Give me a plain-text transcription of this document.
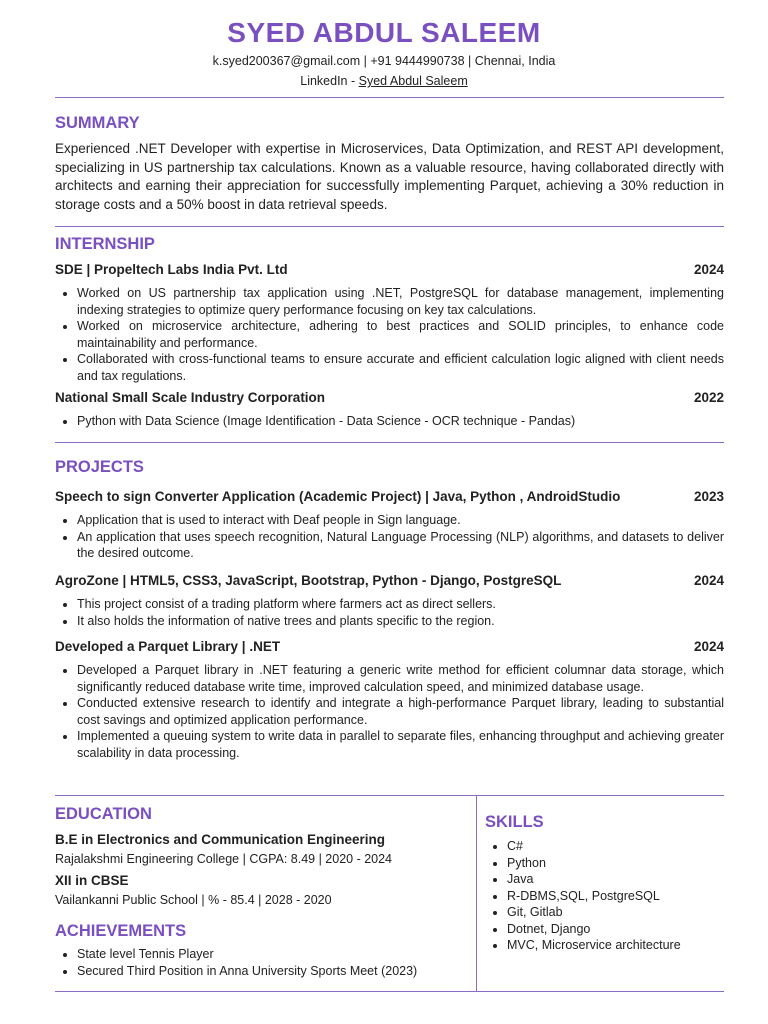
SYED ABDUL SALEEM
k.syed200367@gmail.com | +91 9444990738 | Chennai, India
LinkedIn - Syed Abdul Saleem
SUMMARY

Experienced .NET Developer with expertise in Microservices, Data Optimization, and REST API development, specializing in US partnership tax calculations. Known as a valuable resource, having collaborated directly with architects and earning their appreciation for successfully implementing Parquet, achieving a 30% reduction in storage costs and a 50% boost in data retrieval speeds.

INTERNSHIP
SDE | Propeltech Labs India Pvt. Ltd	2024
• Worked on US partnership tax application using .NET, PostgreSQL for database management, implementing indexing strategies to optimize query performance focusing on key tax calculations.
• Worked on microservice architecture, adhering to best practices and SOLID principles, to enhance code maintainability and performance.
• Collaborated with cross-functional teams to ensure accurate and efficient calculation logic aligned with client needs and tax regulations.
National Small Scale Industry Corporation	2022
• Python with Data Science (Image Identification - Data Science - OCR technique - Pandas)
PROJECTS
Speech to sign Converter Application (Academic Project) | Java, Python , AndroidStudio	2023
• Application that is used to interact with Deaf people in Sign language.
• An application that uses speech recognition, Natural Language Processing (NLP) algorithms, and datasets to deliver the desired outcome.
AgroZone | HTML5, CSS3, JavaScript, Bootstrap, Python - Django, PostgreSQL	2024
• This project consist of a trading platform where farmers act as direct sellers.
• It also holds the information of native trees and plants specific to the region.
Developed a Parquet Library | .NET	2024
• Developed a Parquet library in .NET featuring a generic write method for efficient columnar data storage, which significantly reduced database write time, improved calculation speed, and minimized database usage.
• Conducted extensive research to identify and integrate a high-performance Parquet library, leading to substantial cost savings and optimized application performance.
• Implemented a queuing system to write data in parallel to separate files, enhancing throughput and achieving greater scalability in data processing.
EDUCATION
B.E in Electronics and Communication Engineering
Rajalakshmi Engineering College | CGPA: 8.49 | 2020 - 2024
XII in CBSE
Vailankanni Public School | % - 85.4 | 2028 - 2020
ACHIEVEMENTS
• State level Tennis Player
• Secured Third Position in Anna University Sports Meet (2023)
SKILLS
• C#
• Python
• Java
• R-DBMS,SQL, PostgreSQL
• Git, Gitlab
• Dotnet, Django
• MVC, Microservice architecture
